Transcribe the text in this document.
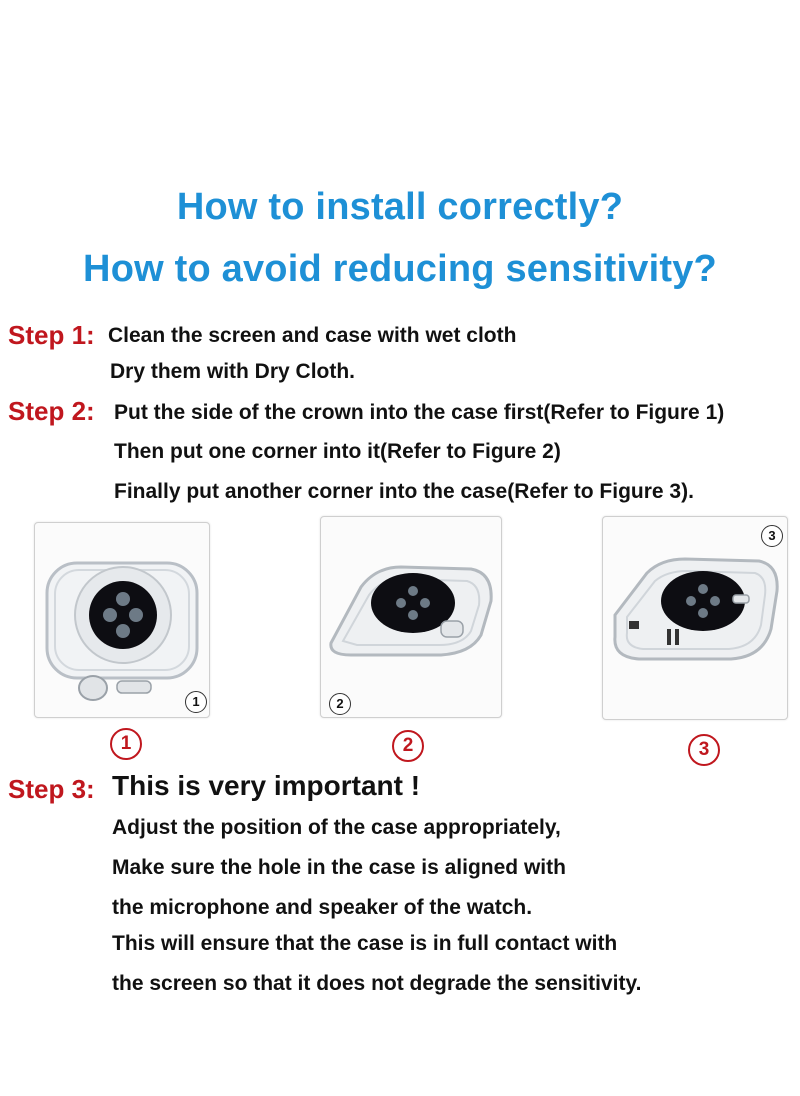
How to install correctly?
How to avoid reducing sensitivity?
Step 1: Clean the screen and case with wet cloth
Dry them with Dry Cloth.
Step 2: Put the side of the crown into the case first(Refer to Figure 1)
Then put one corner into it(Refer to Figure 2)
Finally put another corner into the case(Refer to Figure 3).
1	2
3
1	2	3
Step 3: This is very important !
Adjust the position of the case appropriately,
Make sure the hole in the case is aligned with
the microphone and speaker of the watch.
This will ensure that the case is in full contact with
the screen so that it does not degrade the sensitivity.
